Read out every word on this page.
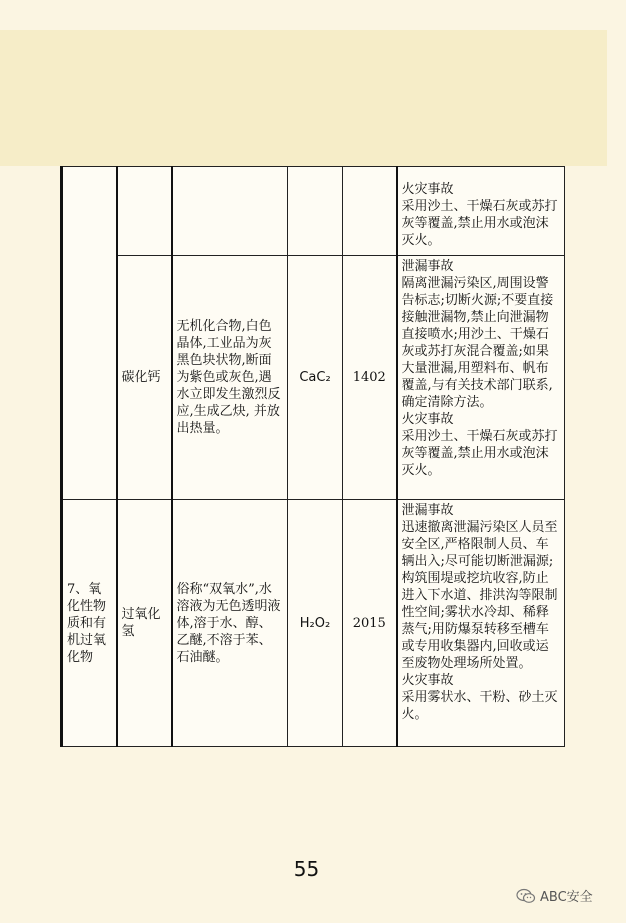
					火灾事故
采用沙土、干燥石灰或苏打灰等覆盖,禁止用水或泡沫灭火。

	碳化钙	无机化合物,白色晶体,工业品为灰黑色块状物,断面为紫色或灰色,遇水立即发生激烈反应,生成乙炔, 并放出热量。	CaC₂	1402	泄漏事故
隔离泄漏污染区,周围设警告标志;切断火源;不要直接接触泄漏物,禁止向泄漏物直接喷水;用沙土、干燥石灰或苏打灰混合覆盖;如果大量泄漏,用塑料布、帆布覆盖,与有关技术部门联系, 确定清除方法。
火灾事故
采用沙土、干燥石灰或苏打灰等覆盖,禁止用水或泡沫灭火。

7、氧化性物质和有机过氧化物	过氧化氢	俗称“双氧水”,水溶液为无色透明液体,溶于水、醇、乙醚,不溶于苯、石油醚。	H₂O₂	2015	泄漏事故
迅速撤离泄漏污染区人员至安全区,严格限制人员、车辆出入;尽可能切断泄漏源;构筑围堤或挖坑收容,防止进入下水道、排洪沟等限制性空间;雾状水冷却、稀释蒸气;用防爆泵转移至槽车或专用收集器内,回收或运至废物处理场所处置。
火灾事故
采用雾状水、干粉、砂土灭火。
55
ABC安全
